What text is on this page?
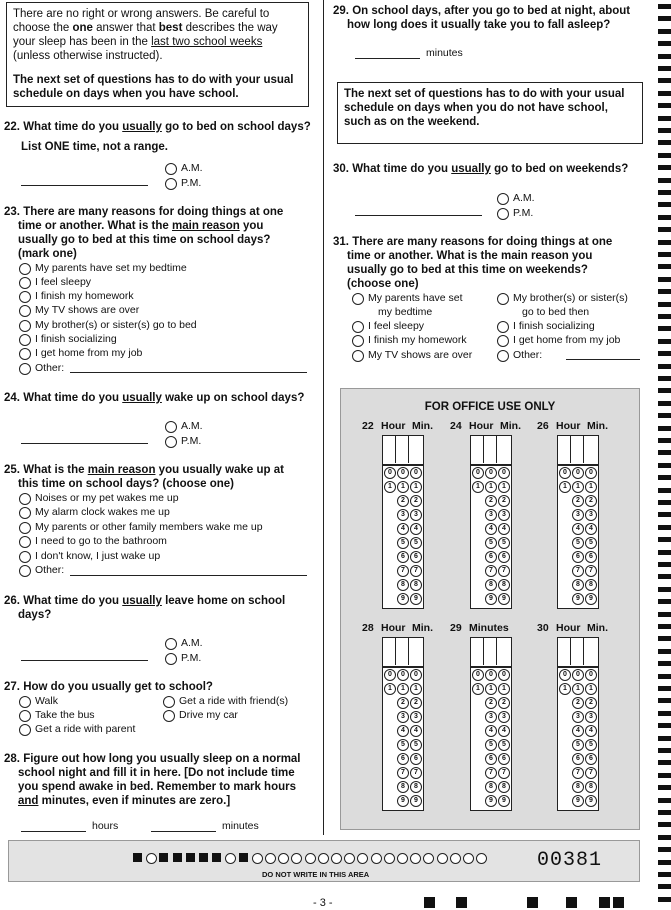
There are no right or wrong answers. Be careful to choose the one answer that best describes the way your sleep has been in the last two school weeks (unless otherwise instructed).
The next set of questions has to do with your usual schedule on days when you have school.
22. What time do you usually go to bed on school days?
List ONE time, not a range.
A.M.
P.M.
23. There are many reasons for doing things at one
time or another. What is the main reason you
usually go to bed at this time on school days?
(mark one)
My parents have set my bedtime
I feel sleepy
I finish my homework
My TV shows are over
My brother(s) or sister(s) go to bed
I finish socializing
I get home from my job
Other:
24. What time do you usually wake up on school days?
A.M.
P.M.
25. What is the main reason you usually wake up at
this time on school days? (choose one)
Noises or my pet wakes me up
My alarm clock wakes me up
My parents or other family members wake me up
I need to go to the bathroom
I don't know, I just wake up
Other:
26. What time do you usually leave home on school
days?
A.M.
P.M.
27. How do you usually get to school?
Walk
Take the bus
Get a ride with parent
Get a ride with friend(s)
Drive my car
28. Figure out how long you usually sleep on a normal
school night and fill it in here. [Do not include time
you spend awake in bed. Remember to mark hours
and minutes, even if minutes are zero.]
hours	minutes
29. On school days, after you go to bed at night, about
how long does it usually take you to fall asleep?
minutes
The next set of questions has to do with your usual schedule on days when you do not have school, such as on the weekend.
30. What time do you usually go to bed on weekends?
A.M.
P.M.
31. There are many reasons for doing things at one
time or another. What is the main reason you
usually go to bed at this time on weekends?
(choose one)
My parents have set
my bedtime
I feel sleepy
I finish my homework
My TV shows are over
My brother(s) or sister(s)
go to bed then
I finish socializing
I get home from my job
Other:
FOR OFFICE USE ONLY
22 Hour Min.
0
1
0
1
2
3
4
5
6
7
8
9
0
1
2
3
4
5
6
7
8
9
24 Hour Min.
0
1
0
1
2
3
4
5
6
7
8
9
0
1
2
3
4
5
6
7
8
9
26 Hour Min.
0
1
0
1
2
3
4
5
6
7
8
9
0
1
2
3
4
5
6
7
8
9
28 Hour Min.
0
1
0
1
2
3
4
5
6
7
8
9
0
1
2
3
4
5
6
7
8
9
29 Minutes
0
1
0
1
2
3
4
5
6
7
8
9
0
1
2
3
4
5
6
7
8
9
30 Hour Min.
0
1
0
1
2
3
4
5
6
7
8
9
0
1
2
3
4
5
6
7
8
9
00381
DO NOT WRITE IN THIS AREA
- 3 -
